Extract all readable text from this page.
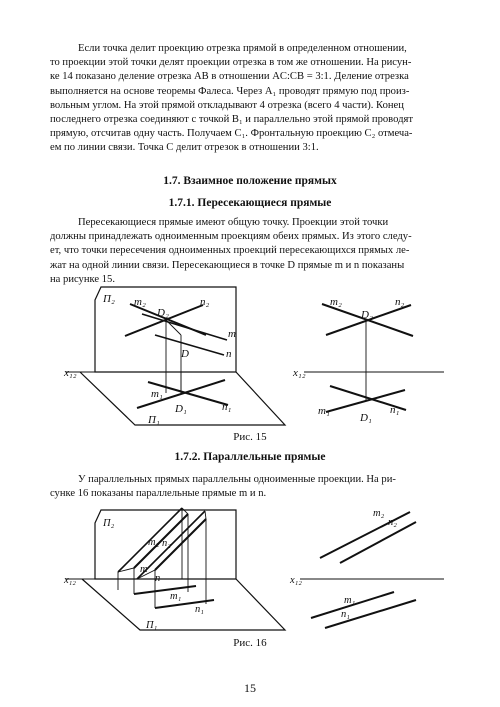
Если точка делит проекцию отрезка прямой в определенном отношении,
то проекции этой точки делят проекции отрезка в том же отношении. На рисун-
ке 14 показано деление отрезка AB в отношении AC:CB = 3:1. Деление отрезка
выполняется на основе теоремы Фалеса. Через A₁ проводят прямую под произ-
вольным углом. На этой прямой откладывают 4 отрезка (всего 4 части). Конец
последнего отрезка соединяют с точкой B₁ и параллельно этой прямой проводят
прямую, отсчитав одну часть. Получаем C₁. Фронтальную проекцию C₂ отмеча-
ем по линии связи. Точка C делит отрезок в отношении 3:1.

1.7. Взаимное положение прямых

1.7.1. Пересекающиеся прямые

Пересекающиеся прямые имеют общую точку. Проекции этой точки
должны принадлежать одноименным проекциям обеих прямых. Из этого следу-
ет, что точки пересечения одноименных проекций пересекающихся прямых ле-
жат на одной линии связи. Пересекающиеся в точке D прямые m и n показаны
на рисунке 15.
П₂
П₁
x₁₂
m₂	n₂
D₂
m
n
D
m₁
D₁	n₁
x₁₂
m₂	n₂
D₂
m₁	n₁
D₁
П₂
П₁
x₁₂
m₂ n₂
m
n
m₁
n₁
x₁₂
m₂
n₂
m₁
n₁

Рис. 15

1.7.2. Параллельные прямые

У параллельных прямых параллельны одноименные проекции. На ри-
сунке 16 показаны параллельные прямые m и n.

Рис. 16

15
